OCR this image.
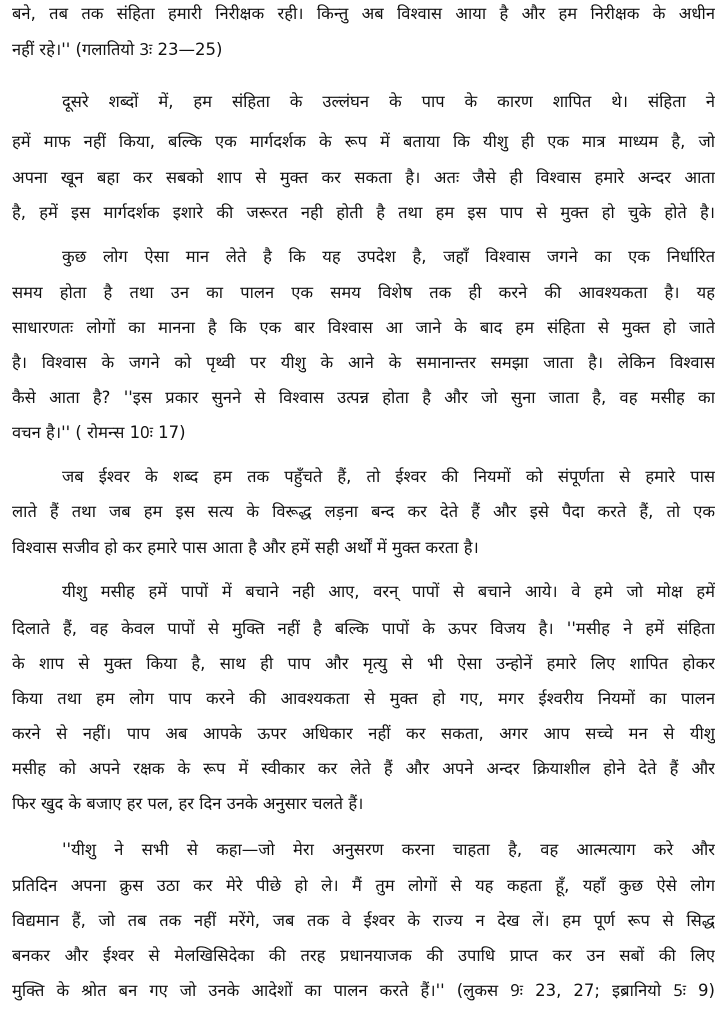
बने, तब तक संहिता हमारी निरीक्षक रही। किन्तु अब विश्वास आया है और हम निरीक्षक के अधीन
नहीं रहे।'' (गलातियो 3ः 23—25)
दूसरे शब्दों में, हम संहिता के उल्लंघन के पाप के कारण शापित थे। संहिता ने
हमें माफ नहीं किया, बल्कि एक मार्गदर्शक के रूप में बताया कि यीशु ही एक मात्र माध्यम है, जो
अपना खून बहा कर सबको शाप से मुक्त कर सकता है। अतः जैसे ही विश्वास हमारे अन्दर आता
है, हमें इस मार्गदर्शक इशारे की जरूरत नही होती है तथा हम इस पाप से मुक्त हो चुके होते है।
कुछ लोग ऐसा मान लेते है कि यह उपदेश है, जहाँ विश्वास जगने का एक निर्धारित
समय होता है तथा उन का पालन एक समय विशेष तक ही करने की आवश्यकता है। यह
साधारणतः लोगों का मानना है कि एक बार विश्वास आ जाने के बाद हम संहिता से मुक्त हो जाते
है। विश्वास के जगने को पृथ्वी पर यीशु के आने के समानान्तर समझा जाता है। लेकिन विश्वास
कैसे आता है? ''इस प्रकार सुनने से विश्वास उत्पन्न होता है और जो सुना जाता है, वह मसीह का
वचन है।'' ( रोमन्स 10ः 17)
जब ईश्वर के शब्द हम तक पहुँचते हैं, तो ईश्वर की नियमों को संपूर्णता से हमारे पास
लाते हैं तथा जब हम इस सत्य के विरूद्ध लड़ना बन्द कर देते हैं और इसे पैदा करते हैं, तो एक
विश्वास सजीव हो कर हमारे पास आता है और हमें सही अर्थों में मुक्त करता है।
यीशु मसीह हमें पापों में बचाने नही आए, वरन् पापों से बचाने आये। वे हमे जो मोक्ष हमें
दिलाते हैं, वह केवल पापों से मुक्ति नहीं है बल्कि पापों के ऊपर विजय है। ''मसीह ने हमें संहिता
के शाप से मुक्त किया है, साथ ही पाप और मृत्यु से भी ऐसा उन्होनें हमारे लिए शापित होकर
किया तथा हम लोग पाप करने की आवश्यकता से मुक्त हो गए, मगर ईश्वरीय नियमों का पालन
करने से नहीं। पाप अब आपके ऊपर अधिकार नहीं कर सकता, अगर आप सच्चे मन से यीशु
मसीह को अपने रक्षक के रूप में स्वीकार कर लेते हैं और अपने अन्दर क्रियाशील होने देते हैं और
फिर खुद के बजाए हर पल, हर दिन उनके अनुसार चलते हैं।
''यीशु ने सभी से कहा—जो मेरा अनुसरण करना चाहता है, वह आत्मत्याग करे और
प्रतिदिन अपना क्रुस उठा कर मेरे पीछे हो ले। मैं तुम लोगों से यह कहता हूँ, यहाँ कुछ ऐसे लोग
विद्यमान हैं, जो तब तक नहीं मरेंगे, जब तक वे ईश्वर के राज्य न देख लें। हम पूर्ण रूप से सिद्ध
बनकर और ईश्वर से मेलखिसिदेका की तरह प्रधानयाजक की उपाधि प्राप्त कर उन सबों की लिए
मुक्ति के श्रोत बन गए जो उनके आदेशों का पालन करते हैं।'' (लुकस 9ः 23, 27; इब्रानियो 5ः 9)
